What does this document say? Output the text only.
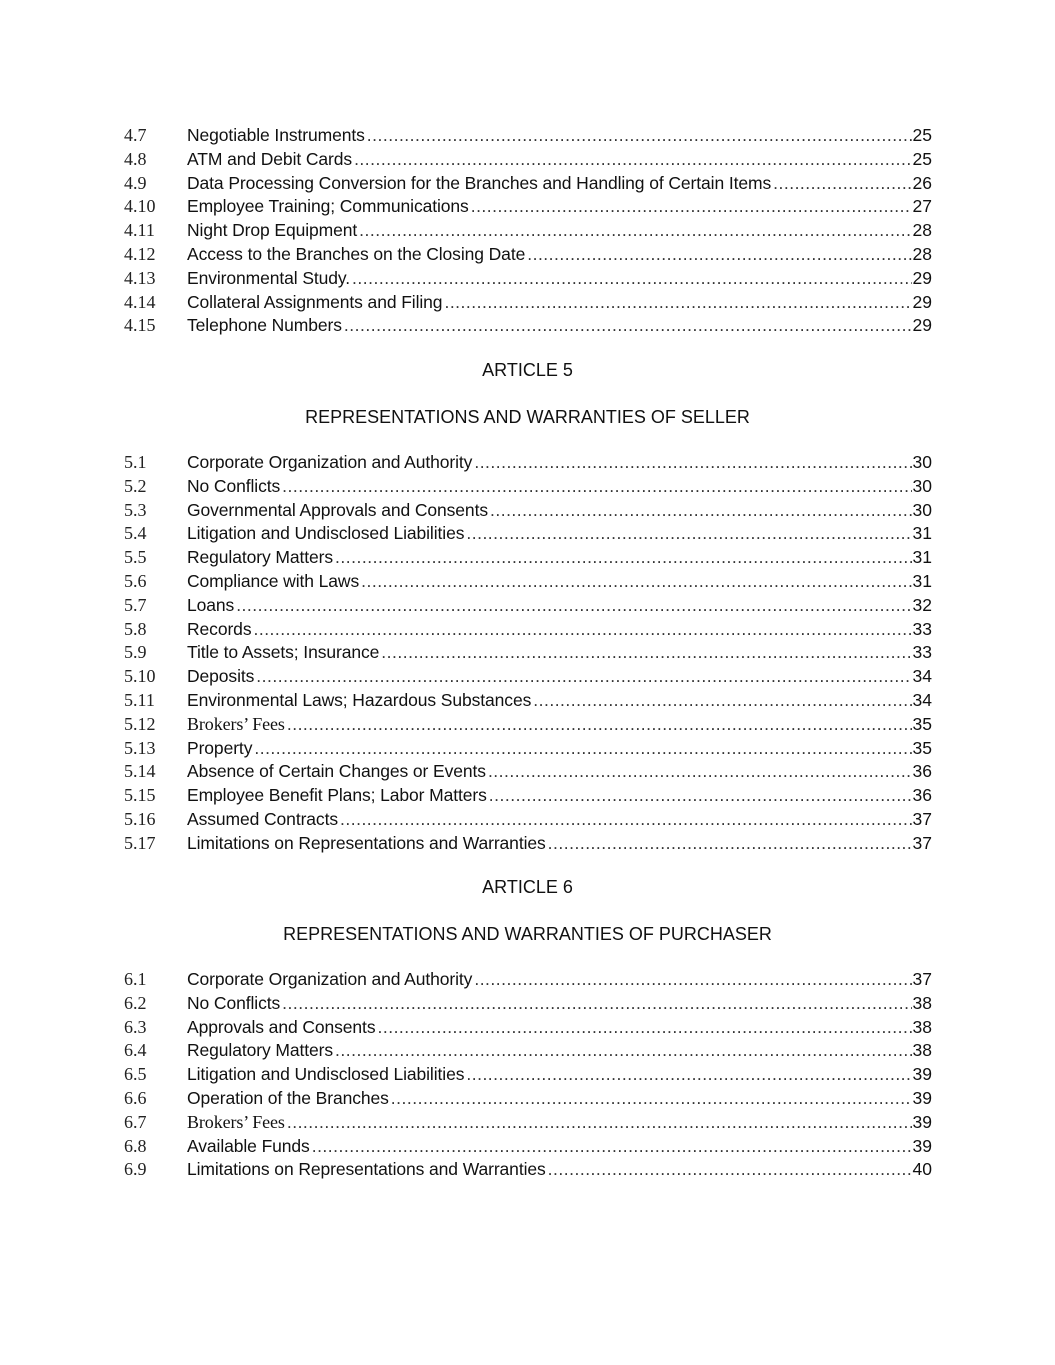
4.7	Negotiable Instruments .....	25
4.8	ATM and Debit Cards .....	25
4.9	Data Processing Conversion for the Branches and Handling of Certain Items .....	26
4.10	Employee Training; Communications .....	27
4.11	Night Drop Equipment .....	28
4.12	Access to the Branches on the Closing Date .....	28
4.13	Environmental Study. .....	29
4.14	Collateral Assignments and Filing .....	29
4.15	Telephone Numbers .....	29
ARTICLE 5
REPRESENTATIONS AND WARRANTIES OF SELLER
5.1	Corporate Organization and Authority .....	30
5.2	No Conflicts .....	30
5.3	Governmental Approvals and Consents .....	30
5.4	Litigation and Undisclosed Liabilities .....	31
5.5	Regulatory Matters .....	31
5.6	Compliance with Laws .....	31
5.7	Loans .....	32
5.8	Records .....	33
5.9	Title to Assets; Insurance .....	33
5.10	Deposits .....	34
5.11	Environmental Laws; Hazardous Substances .....	34
5.12	Brokers’ Fees .....	35
5.13	Property .....	35
5.14	Absence of Certain Changes or Events .....	36
5.15	Employee Benefit Plans; Labor Matters .....	36
5.16	Assumed Contracts .....	37
5.17	Limitations on Representations and Warranties .....	37
ARTICLE 6
REPRESENTATIONS AND WARRANTIES OF PURCHASER
6.1	Corporate Organization and Authority .....	37
6.2	No Conflicts .....	38
6.3	Approvals and Consents .....	38
6.4	Regulatory Matters .....	38
6.5	Litigation and Undisclosed Liabilities .....	39
6.6	Operation of the Branches .....	39
6.7	Brokers’ Fees .....	39
6.8	Available Funds .....	39
6.9	Limitations on Representations and Warranties .....	40
